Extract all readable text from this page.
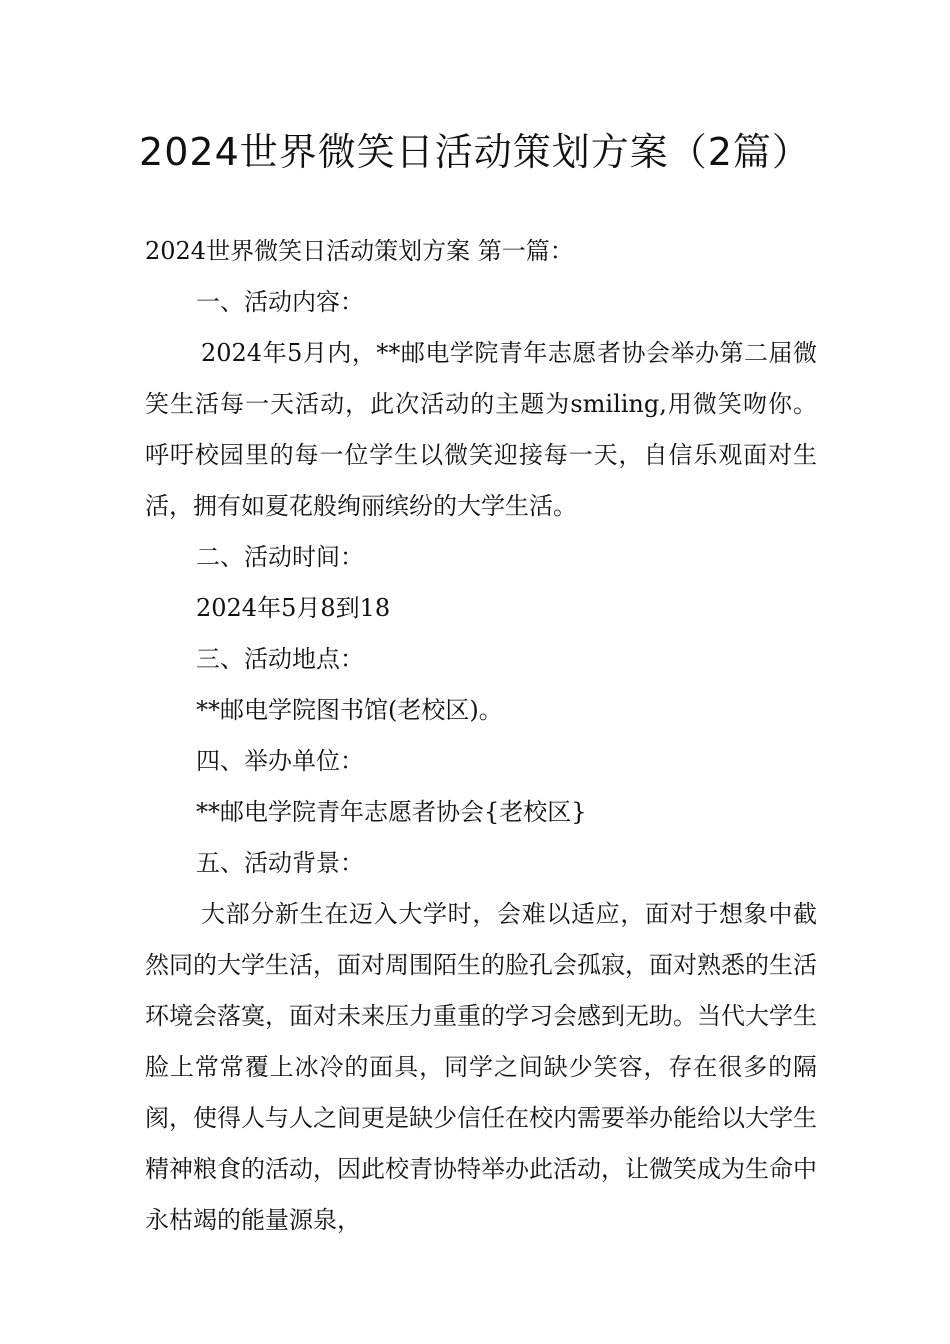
2024世界微笑日活动策划方案（2篇）

2024世界微笑日活动策划方案 第一篇：

一、活动内容：

2024年5月内，**邮电学院青年志愿者协会举办第二届微笑生活每一天活动，此次活动的主题为smiling,用微笑吻你。呼吁校园里的每一位学生以微笑迎接每一天，自信乐观面对生活，拥有如夏花般绚丽缤纷的大学生活。

二、活动时间：

2024年5月8到18

三、活动地点：

**邮电学院图书馆(老校区)。

四、举办单位：

**邮电学院青年志愿者协会{老校区}

五、活动背景：

大部分新生在迈入大学时，会难以适应，面对于想象中截然同的大学生活，面对周围陌生的脸孔会孤寂，面对熟悉的生活环境会落寞，面对未来压力重重的学习会感到无助。当代大学生脸上常常覆上冰冷的面具，同学之间缺少笑容，存在很多的隔阂，使得人与人之间更是缺少信任在校内需要举办能给以大学生精神粮食的活动，因此校青协特举办此活动，让微笑成为生命中永枯竭的能量源泉，
